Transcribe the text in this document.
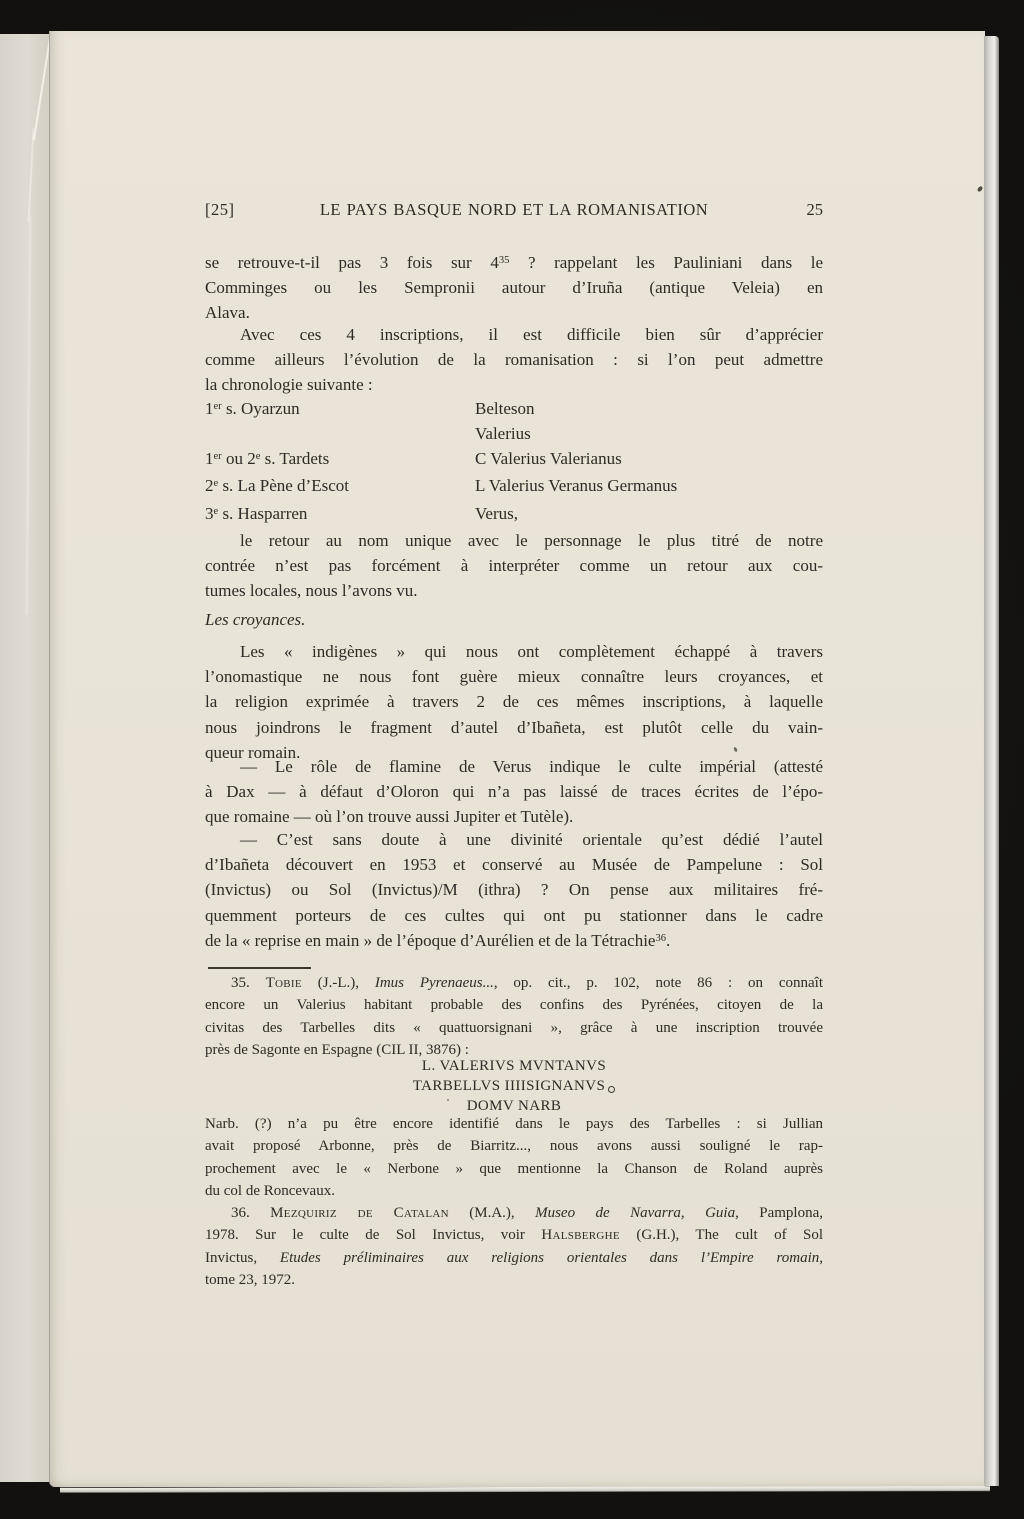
[25]	LE PAYS BASQUE NORD ET LA ROMANISATION	25
se retrouve-t-il pas 3 fois sur $4^{35}$ ? rappelant les Pauliniani dans le
Comminges ou les Sempronii autour d’Iruña (antique Veleia) en
Alava.
Avec ces 4 inscriptions, il est difficile bien sûr d’apprécier
comme ailleurs l’évolution de la romanisation : si l’on peut admettre
la chronologie suivante :
1er s. Oyarzun	Belteson
Valerius
1er ou 2e s. Tardets	C Valerius Valerianus
2e s. La Pène d’Escot	L Valerius Veranus Germanus
3e s. Hasparren	Verus,
le retour au nom unique avec le personnage le plus titré de notre
contrée n’est pas forcément à interpréter comme un retour aux cou-
tumes locales, nous l’avons vu.
Les croyances.
Les « indigènes » qui nous ont complètement échappé à travers
l’onomastique ne nous font guère mieux connaître leurs croyances, et
la religion exprimée à travers 2 de ces mêmes inscriptions, à laquelle
nous joindrons le fragment d’autel d’Ibañeta, est plutôt celle du vain-
queur romain.
— Le rôle de flamine de Verus indique le culte impérial (attesté
à Dax — à défaut d’Oloron qui n’a pas laissé de traces écrites de l’épo-
que romaine — où l’on trouve aussi Jupiter et Tutèle).
— C’est sans doute à une divinité orientale qu’est dédié l’autel
d’Ibañeta découvert en 1953 et conservé au Musée de Pampelune : Sol
(Invictus) ou Sol (Invictus)/M (ithra) ? On pense aux militaires fré-
quemment porteurs de ces cultes qui ont pu stationner dans le cadre
de la « reprise en main » de l’époque d’Aurélien et de la Tétrachie$^{36}$.
35. Tobie (J.-L.), Imus Pyrenaeus..., op. cit., p. 102, note 86 : on connaît
encore un Valerius habitant probable des confins des Pyrénées, citoyen de la
civitas des Tarbelles dits « quattuorsignani », grâce à une inscription trouvée
près de Sagonte en Espagne (CIL II, 3876) :
L. VALERIVS MVNTANVS
TARBELLVS IIIISIGNANVS
DOMV NARB
Narb. (?) n’a pu être encore identifié dans le pays des Tarbelles : si Jullian
avait proposé Arbonne, près de Biarritz..., nous avons aussi souligné le rap-
prochement avec le « Nerbone » que mentionne la Chanson de Roland auprès
du col de Roncevaux.
36. Mezquiriz de Catalan (M.A.), Museo de Navarra, Guia, Pamplona,
1978. Sur le culte de Sol Invictus, voir Halsberghe (G.H.), The cult of Sol
Invictus, Etudes préliminaires aux religions orientales dans l’Empire romain,
tome 23, 1972.
